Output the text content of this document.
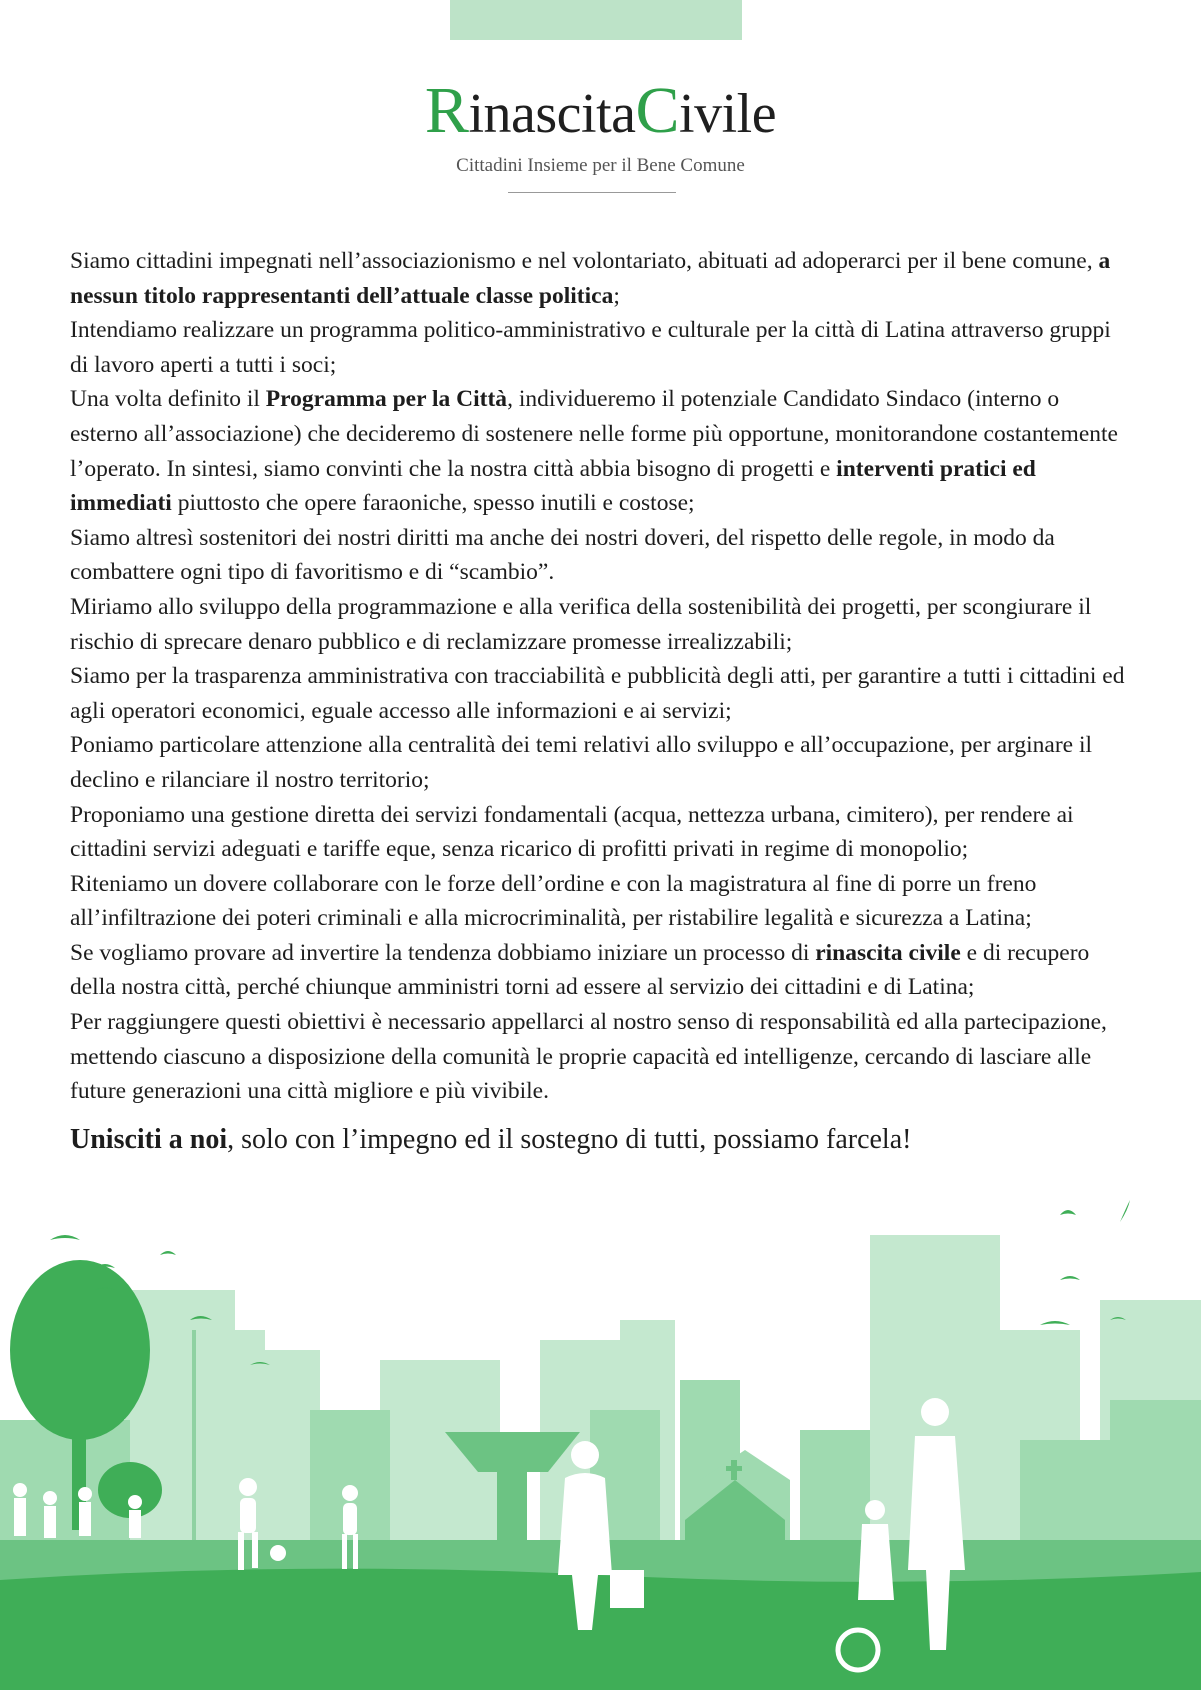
RinascitaCivile
Cittadini Insieme per il Bene Comune

Siamo cittadini impegnati nell’associazionismo e nel volontariato, abituati ad adoperarci per il bene comune, a nessun titolo rappresentanti dell’attuale classe politica;

Intendiamo realizzare un programma politico-amministrativo e culturale per la città di Latina attraverso gruppi di lavoro aperti a tutti i soci;

Una volta definito il Programma per la Città, individueremo il potenziale Candidato Sindaco (interno o esterno all’associazione) che decideremo di sostenere nelle forme più opportune, monitorandone costantemente l’operato. In sintesi, siamo convinti che la nostra città abbia bisogno di progetti e interventi pratici ed immediati piuttosto che opere faraoniche, spesso inutili e costose;

Siamo altresì sostenitori dei nostri diritti ma anche dei nostri doveri, del rispetto delle regole, in modo da combattere ogni tipo di favoritismo e di “scambio”.

Miriamo allo sviluppo della programmazione e alla verifica della sostenibilità dei progetti, per scongiurare il rischio di sprecare denaro pubblico e di reclamizzare promesse irrealizzabili;

Siamo per la trasparenza amministrativa con tracciabilità e pubblicità degli atti, per garantire a tutti i cittadini ed agli operatori economici, eguale accesso alle informazioni e ai servizi;

Poniamo particolare attenzione alla centralità dei temi relativi allo sviluppo e all’occupazione, per arginare il declino e rilanciare il nostro territorio;

Proponiamo una gestione diretta dei servizi fondamentali (acqua, nettezza urbana, cimitero), per rendere ai cittadini servizi adeguati e tariffe eque, senza ricarico di profitti privati in regime di monopolio;

Riteniamo un dovere collaborare con le forze dell’ordine e con la magistratura al fine di porre un freno all’infiltrazione dei poteri criminali e alla microcriminalità, per ristabilire legalità e sicurezza a Latina;

Se vogliamo provare ad invertire la tendenza dobbiamo iniziare un processo di rinascita civile e di recupero della nostra città, perché chiunque amministri torni ad essere al servizio dei cittadini e di Latina;

Per raggiungere questi obiettivi è necessario appellarci al nostro senso di responsabilità ed alla partecipazione, mettendo ciascuno a disposizione della comunità le proprie capacità ed intelligenze, cercando di lasciare alle future generazioni una città migliore e più vivibile.

Unisciti a noi, solo con l’impegno ed il sostegno di tutti, possiamo farcela!
